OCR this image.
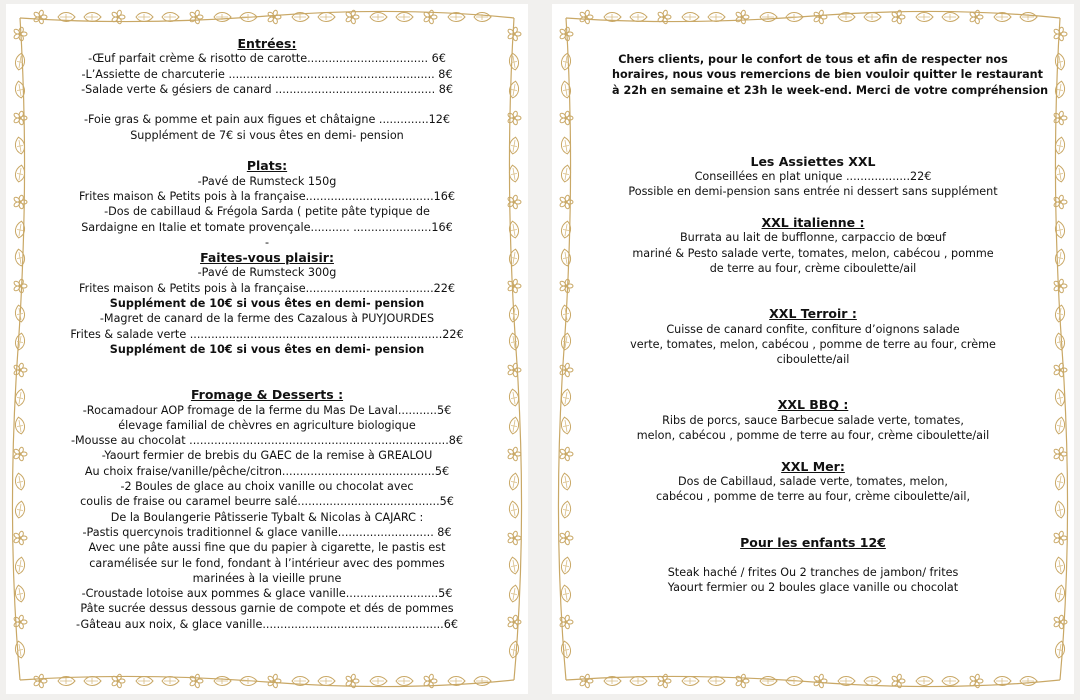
Entrées:

-Œuf parfait crème & risotto de carotte.................................. 6€

-L’Assiette de charcuterie .......................................................... 8€

-Salade verte & gésiers de canard ............................................. 8€

-Foie gras & pomme et pain aux figues et châtaigne ..............12€

Supplément de 7€ si vous êtes en demi- pension

Plats:

-Pavé de Rumsteck 150g

Frites maison & Petits pois à la française....................................16€

-Dos de cabillaud & Frégola Sarda ( petite pâte typique de

Sardaigne en Italie et tomate provençale........... ......................16€

-

Faites-vous plaisir:

-Pavé de Rumsteck 300g

Frites maison & Petits pois à la française....................................22€

Supplément de 10€ si vous êtes en demi- pension

-Magret de canard de la ferme des Cazalous à PUYJOURDES

Frites & salade verte .......................................................................22€

Supplément de 10€ si vous êtes en demi- pension

Fromage & Desserts :

-Rocamadour AOP fromage de la ferme du Mas De Laval...........5€

élevage familial de chèvres en agriculture biologique

-Mousse au chocolat .........................................................................8€

-Yaourt fermier de brebis du GAEC de la remise à GREALOU

Au choix fraise/vanille/pêche/citron...........................................5€

-2 Boules de glace au choix vanille ou chocolat avec

coulis de fraise ou caramel beurre salé........................................5€

De la Boulangerie Pâtisserie Tybalt & Nicolas à CAJARC :

-Pastis quercynois traditionnel & glace vanille........................... 8€

Avec une pâte aussi fine que du papier à cigarette, le pastis est

caramélisée sur le fond, fondant à l’intérieur avec des pommes

marinées à la vieille prune

-Croustade lotoise aux pommes & glace vanille..........................5€

Pâte sucrée dessus dessous garnie de compote et dés de pommes

-Gâteau aux noix, & glace vanille...................................................6€

Chers clients, pour le confort de tous et afin de respecter nos

horaires, nous vous remercions de bien vouloir quitter le restaurant

à 22h en semaine et 23h le week-end. Merci de votre compréhension

Les Assiettes XXL

Conseillées en plat unique ..................22€

Possible en demi-pension sans entrée ni dessert sans supplément

XXL italienne :

Burrata au lait de bufflonne, carpaccio de bœuf

mariné & Pesto salade verte, tomates, melon, cabécou , pomme

de terre au four, crème ciboulette/ail

XXL Terroir :

Cuisse de canard confite, confiture d’oignons salade

verte, tomates, melon, cabécou , pomme de terre au four, crème

ciboulette/ail

XXL BBQ :

Ribs de porcs, sauce Barbecue salade verte, tomates,

melon, cabécou , pomme de terre au four, crème ciboulette/ail

XXL Mer:

Dos de Cabillaud, salade verte, tomates, melon,

cabécou , pomme de terre au four, crème ciboulette/ail,

Pour les enfants 12€

Steak haché / frites Ou 2 tranches de jambon/ frites

Yaourt fermier ou 2 boules glace vanille ou chocolat
